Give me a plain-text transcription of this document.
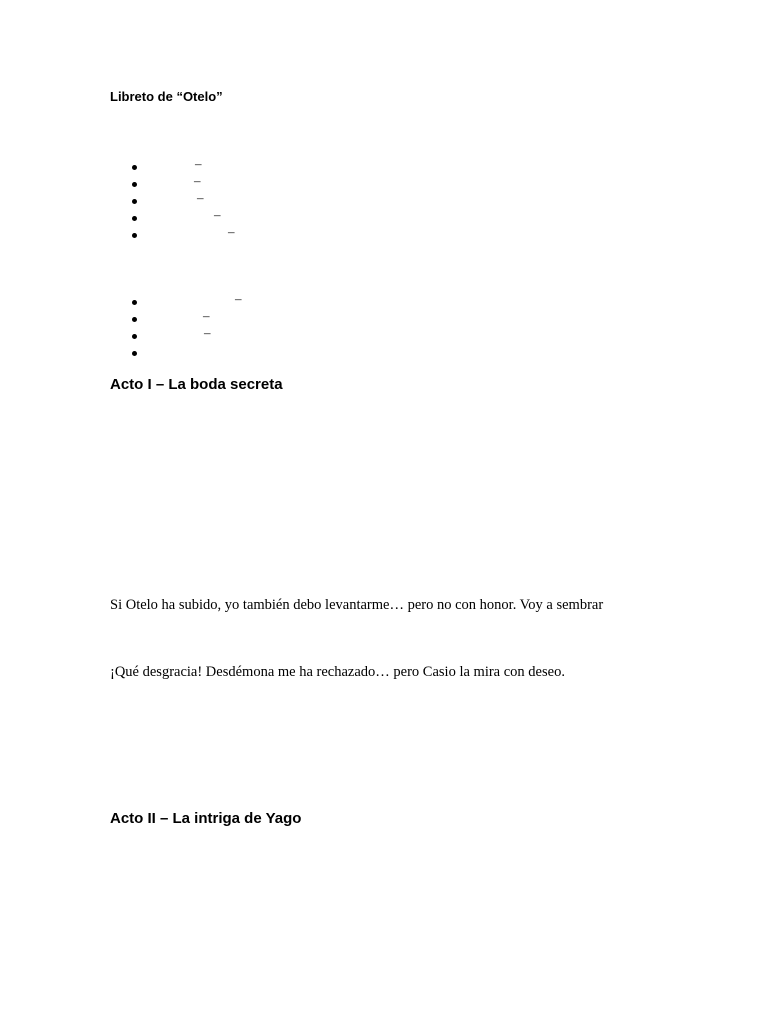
Libreto de “Otelo”
–
–
–
–
–
–
–
–
Acto I – La boda secreta

Si Otelo ha subido, yo también debo levantarme… pero no con honor. Voy a sembrar

¡Qué desgracia! Desdémona me ha rechazado… pero Casio la mira con deseo.

Acto II – La intriga de Yago
